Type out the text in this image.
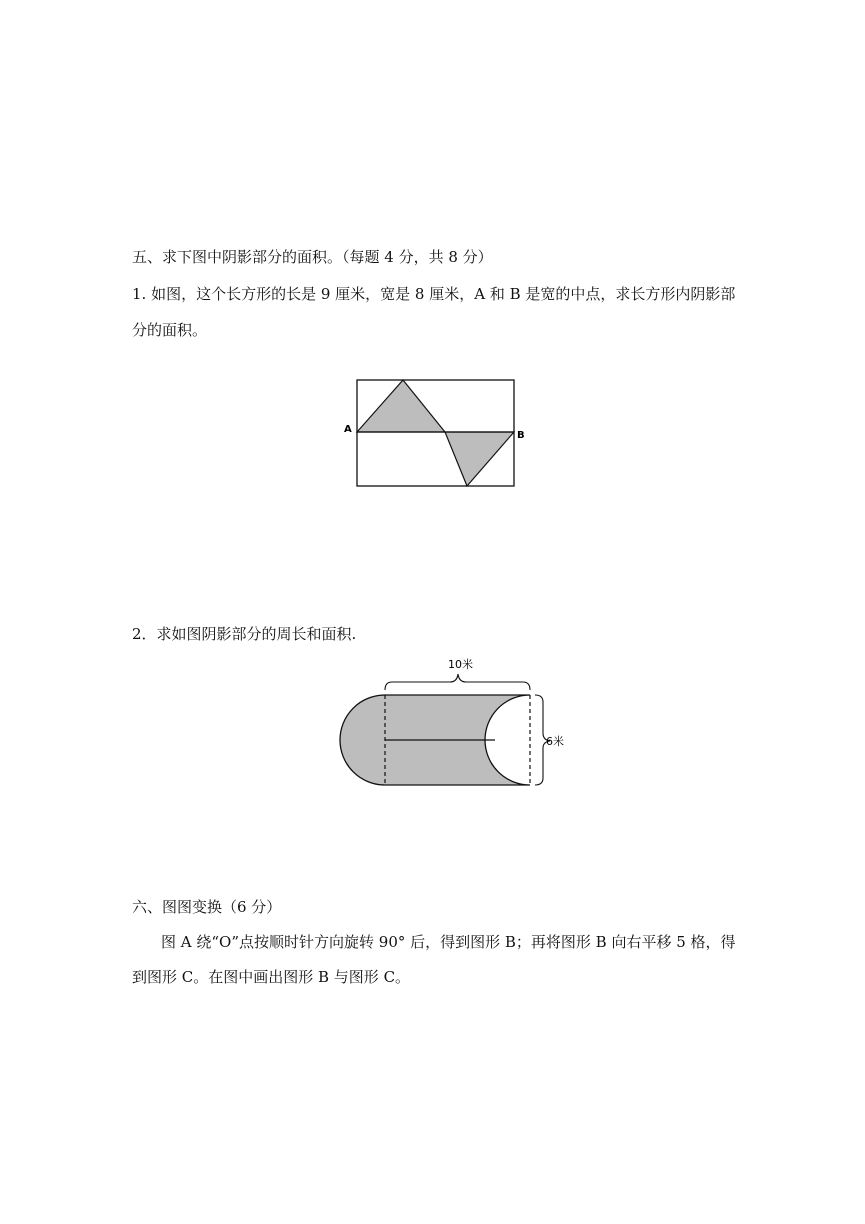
五、求下图中阴影部分的面积。（每题 4 分，共 8 分）
1. 如图，这个长方形的长是 9 厘米，宽是 8 厘米，A 和 B 是宽的中点，求长方形内阴影部
分的面积。
A
B
2．求如图阴影部分的周长和面积.
10米
6米
六、图图变换（6 分）
图 A 绕“O”点按顺时针方向旋转 90° 后，得到图形 B；再将图形 B 向右平移 5 格，得
到图形 C。在图中画出图形 B 与图形 C。
